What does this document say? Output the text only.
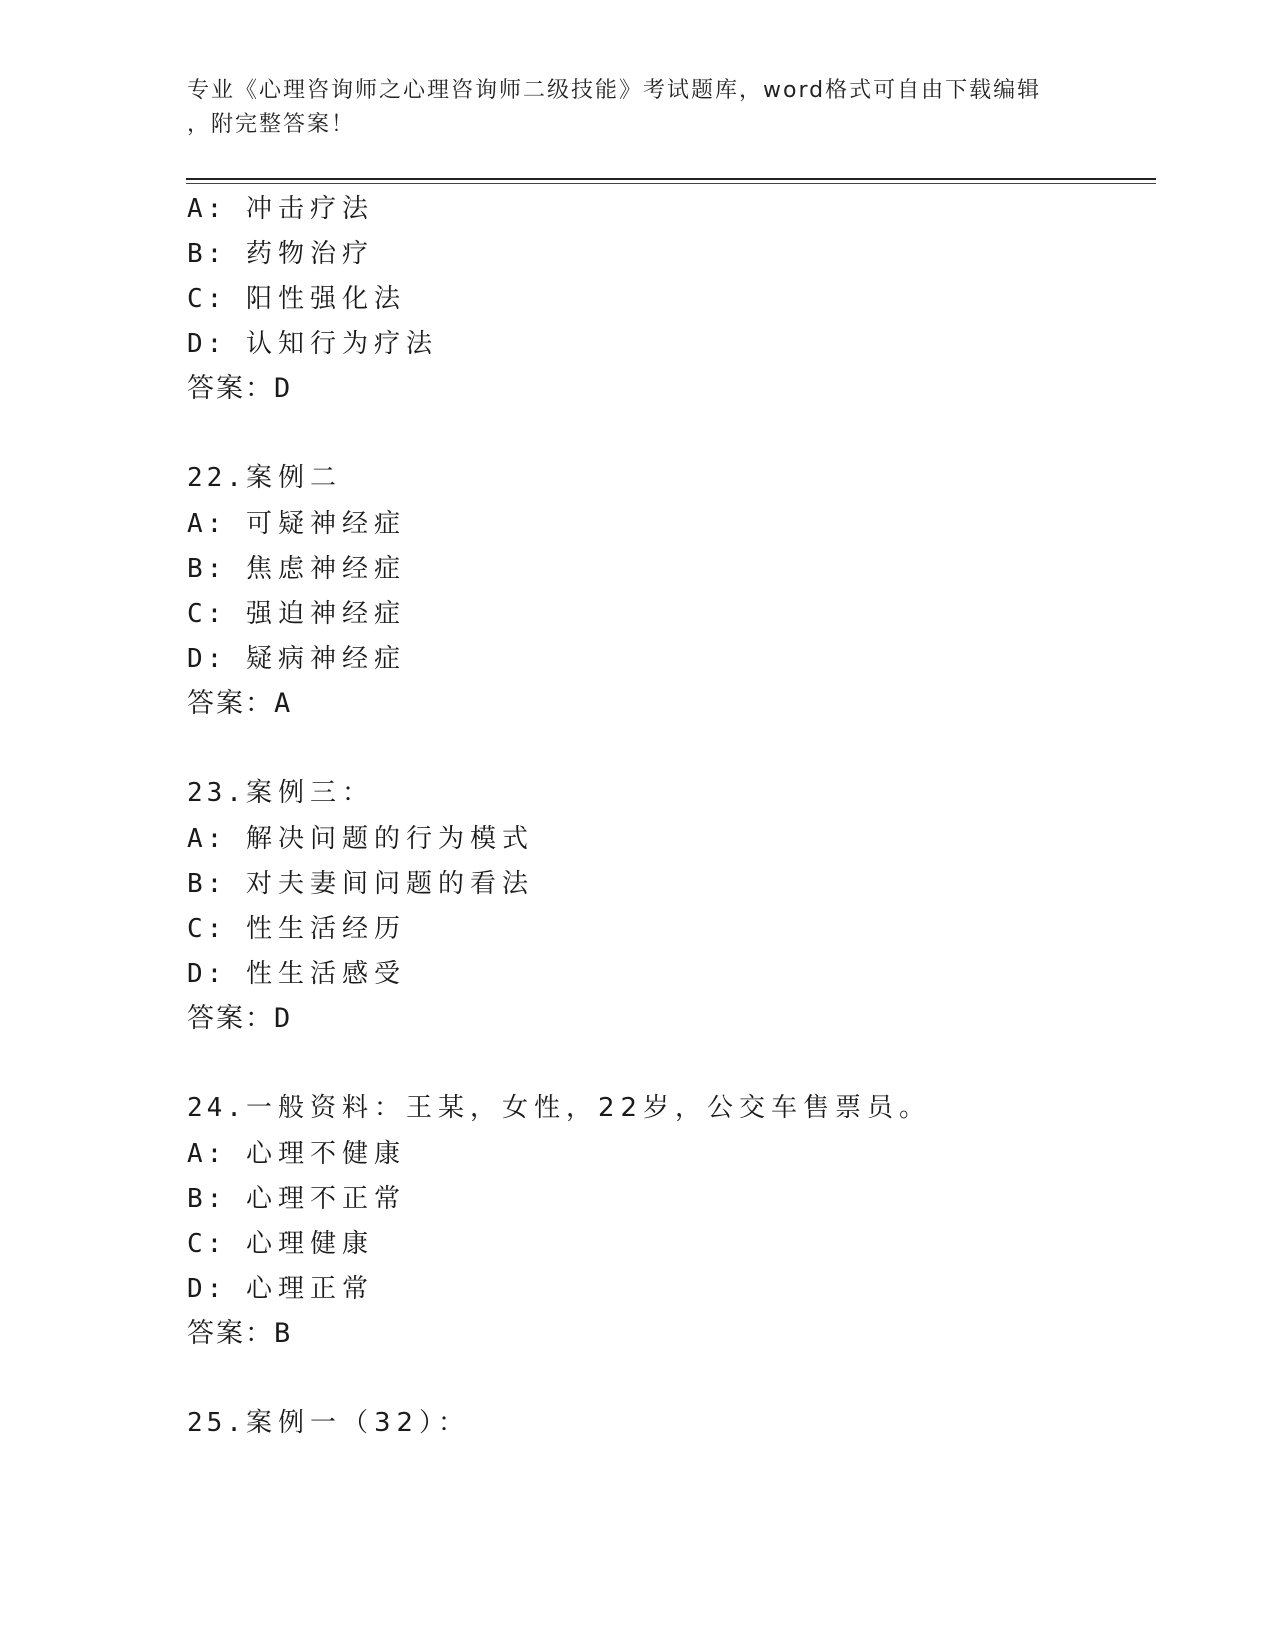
专业《心理咨询师之心理咨询师二级技能》考试题库，word格式可自由下载编辑
，附完整答案！
A: 冲击疗法
B: 药物治疗
C: 阳性强化法
D: 认知行为疗法
答案：D
22.案例二
A: 可疑神经症
B: 焦虑神经症
C: 强迫神经症
D: 疑病神经症
答案：A
23.案例三：
A: 解决问题的行为模式
B: 对夫妻间问题的看法
C: 性生活经历
D: 性生活感受
答案：D
24.一般资料：王某，女性，22岁，公交车售票员。
A: 心理不健康
B: 心理不正常
C: 心理健康
D: 心理正常
答案：B
25.案例一（32）：
